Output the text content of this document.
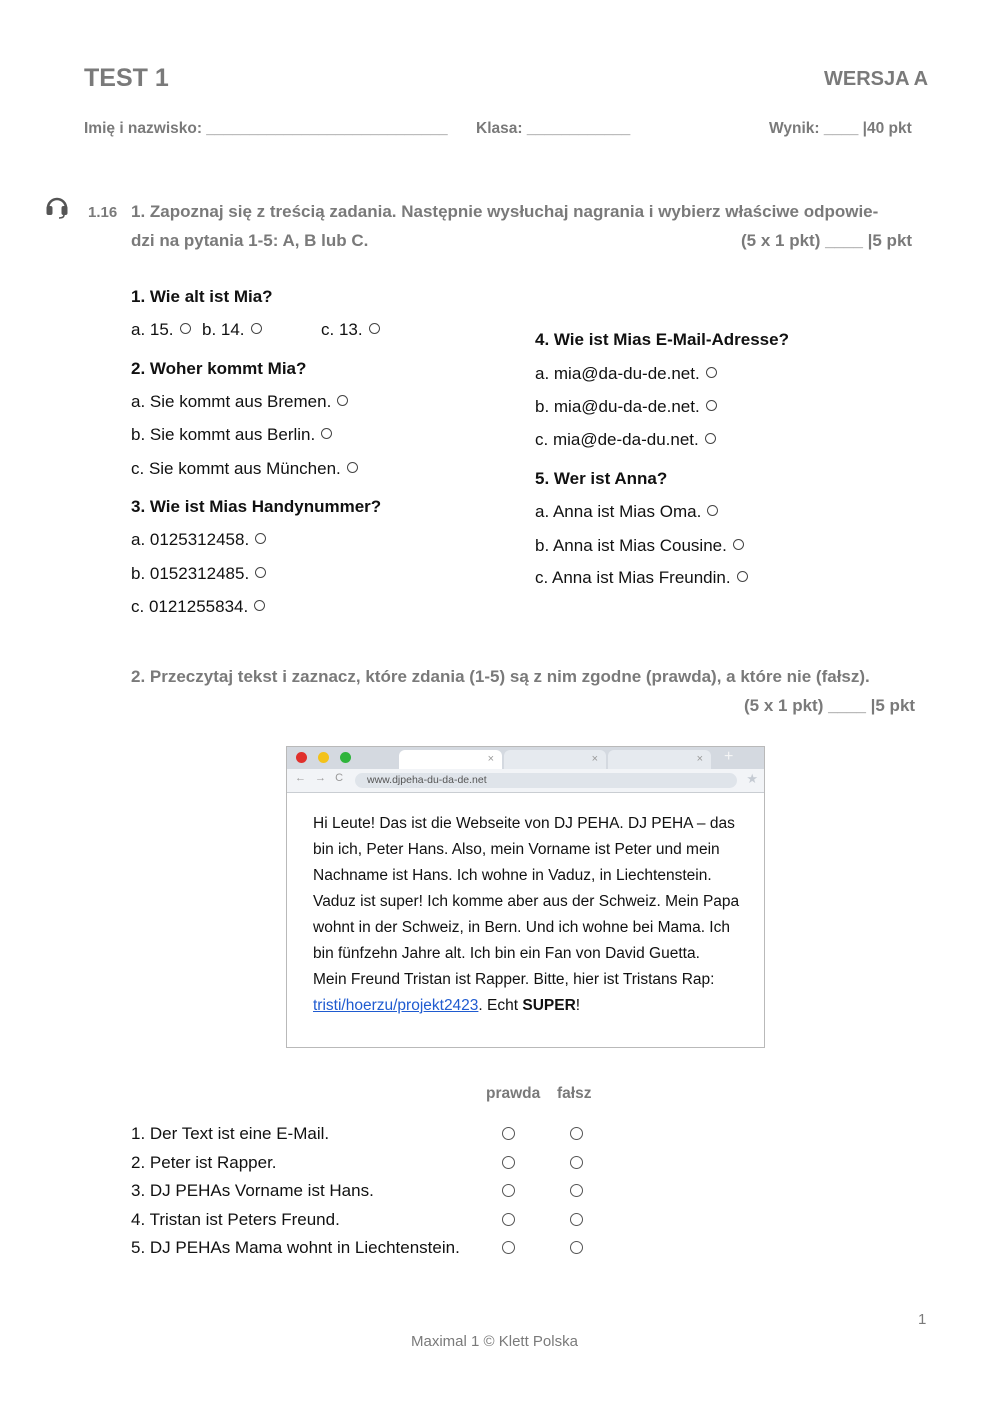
TEST 1	WERSJA A
Imię i nazwisko: ____________________________ Klasa: ____________	Wynik: ____ |40 pkt
1.16 1. Zapoznaj się z treścią zadania. Następnie wysłuchaj nagrania i wybierz właściwe odpowie-
dzi na pytania 1-5: A, B lub C.	(5 x 1 pkt) ____ |5 pkt
1. Wie alt ist Mia?
a. 15.	b. 14.	c. 13.
2. Woher kommt Mia?
a. Sie kommt aus Bremen.
b. Sie kommt aus Berlin.
c. Sie kommt aus München.
3. Wie ist Mias Handynummer?
a. 0125312458.
b. 0152312485.
c. 0121255834.
4. Wie ist Mias E-Mail-Adresse?
a. mia@da-du-de.net.
b. mia@du-da-de.net.
c. mia@de-da-du.net.
5. Wer ist Anna?
a. Anna ist Mias Oma.
b. Anna ist Mias Cousine.
c. Anna ist Mias Freundin.
2. Przeczytaj tekst i zaznacz, które zdania (1-5) są z nim zgodne (prawda), a które nie (fałsz).
(5 x 1 pkt) ____ |5 pkt
×	×	×	+
← → C	www.djpeha-du-da-de.net	★
Hi Leute! Das ist die Webseite von DJ PEHA. DJ PEHA – das bin ich, Peter Hans. Also, mein Vorname ist Peter und mein Nachname ist Hans. Ich wohne in Vaduz, in Liechtenstein. Vaduz ist super! Ich komme aber aus der Schweiz. Mein Papa wohnt in der Schweiz, in Bern. Und ich wohne bei Mama. Ich bin fünfzehn Jahre alt. Ich bin ein Fan von David Guetta.
Mein Freund Tristan ist Rapper. Bitte, hier ist Tristans Rap: tristi/hoerzu/projekt2423. Echt SUPER!
prawda fałsz
1. Der Text ist eine E-Mail.
2. Peter ist Rapper.
3. DJ PEHAs Vorname ist Hans.
4. Tristan ist Peters Freund.
5. DJ PEHAs Mama wohnt in Liechtenstein.
1
Maximal 1 © Klett Polska
